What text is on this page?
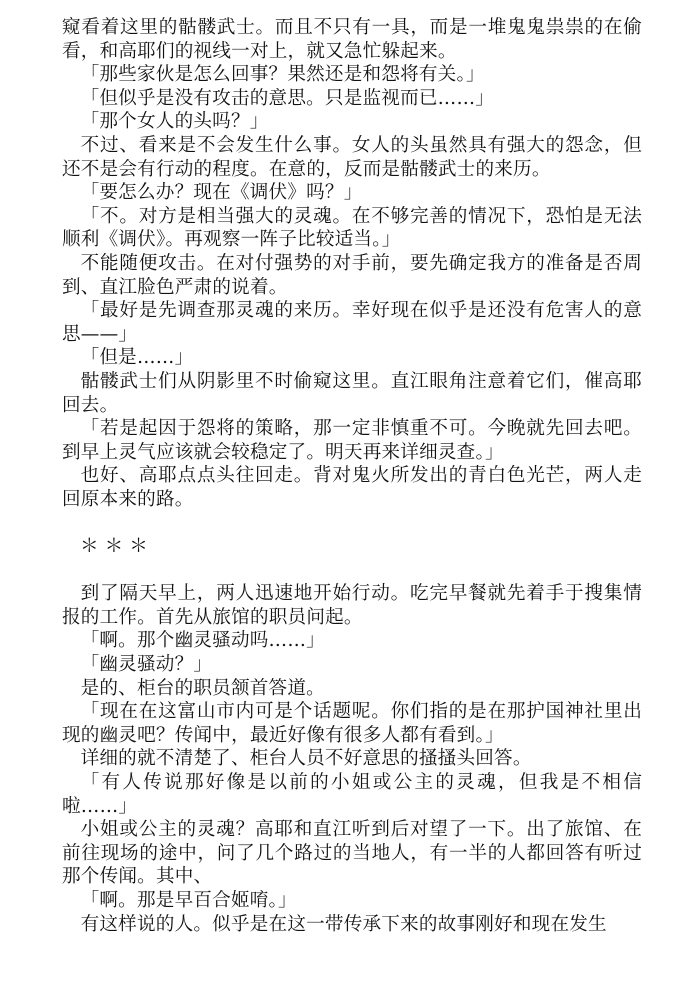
窥看着这里的骷髅武士。而且不只有一具，而是一堆鬼鬼祟祟的在偷看，和高耶们的视线一对上，就又急忙躲起来。

「那些家伙是怎么回事？果然还是和怨将有关。」

「但似乎是没有攻击的意思。只是监视而已……」

「那个女人的头吗？」

不过、看来是不会发生什么事。女人的头虽然具有强大的怨念，但还不是会有行动的程度。在意的，反而是骷髅武士的来历。

「要怎么办？现在《调伏》吗？」

「不。对方是相当强大的灵魂。在不够完善的情况下，恐怕是无法顺利《调伏》。再观察一阵子比较适当。」

不能随便攻击。在对付强势的对手前，要先确定我方的准备是否周到、直江脸色严肃的说着。

「最好是先调查那灵魂的来历。幸好现在似乎是还没有危害人的意思——」

「但是……」

骷髅武士们从阴影里不时偷窥这里。直江眼角注意着它们，催高耶回去。

「若是起因于怨将的策略，那一定非慎重不可。今晚就先回去吧。到早上灵气应该就会较稳定了。明天再来详细灵查。」

也好、高耶点点头往回走。背对鬼火所发出的青白色光芒，两人走回原本来的路。

＊＊＊

到了隔天早上，两人迅速地开始行动。吃完早餐就先着手于搜集情报的工作。首先从旅馆的职员问起。

「啊。那个幽灵骚动吗……」

「幽灵骚动？」

是的、柜台的职员颔首答道。

「现在在这富山市内可是个话题呢。你们指的是在那护国神社里出现的幽灵吧？传闻中，最近好像有很多人都有看到。」

详细的就不清楚了、柜台人员不好意思的搔搔头回答。

「有人传说那好像是以前的小姐或公主的灵魂，但我是不相信啦……」

小姐或公主的灵魂？高耶和直江听到后对望了一下。出了旅馆、在前往现场的途中，问了几个路过的当地人，有一半的人都回答有听过那个传闻。其中、

「啊。那是早百合姬唷。」

有这样说的人。似乎是在这一带传承下来的故事刚好和现在发生
